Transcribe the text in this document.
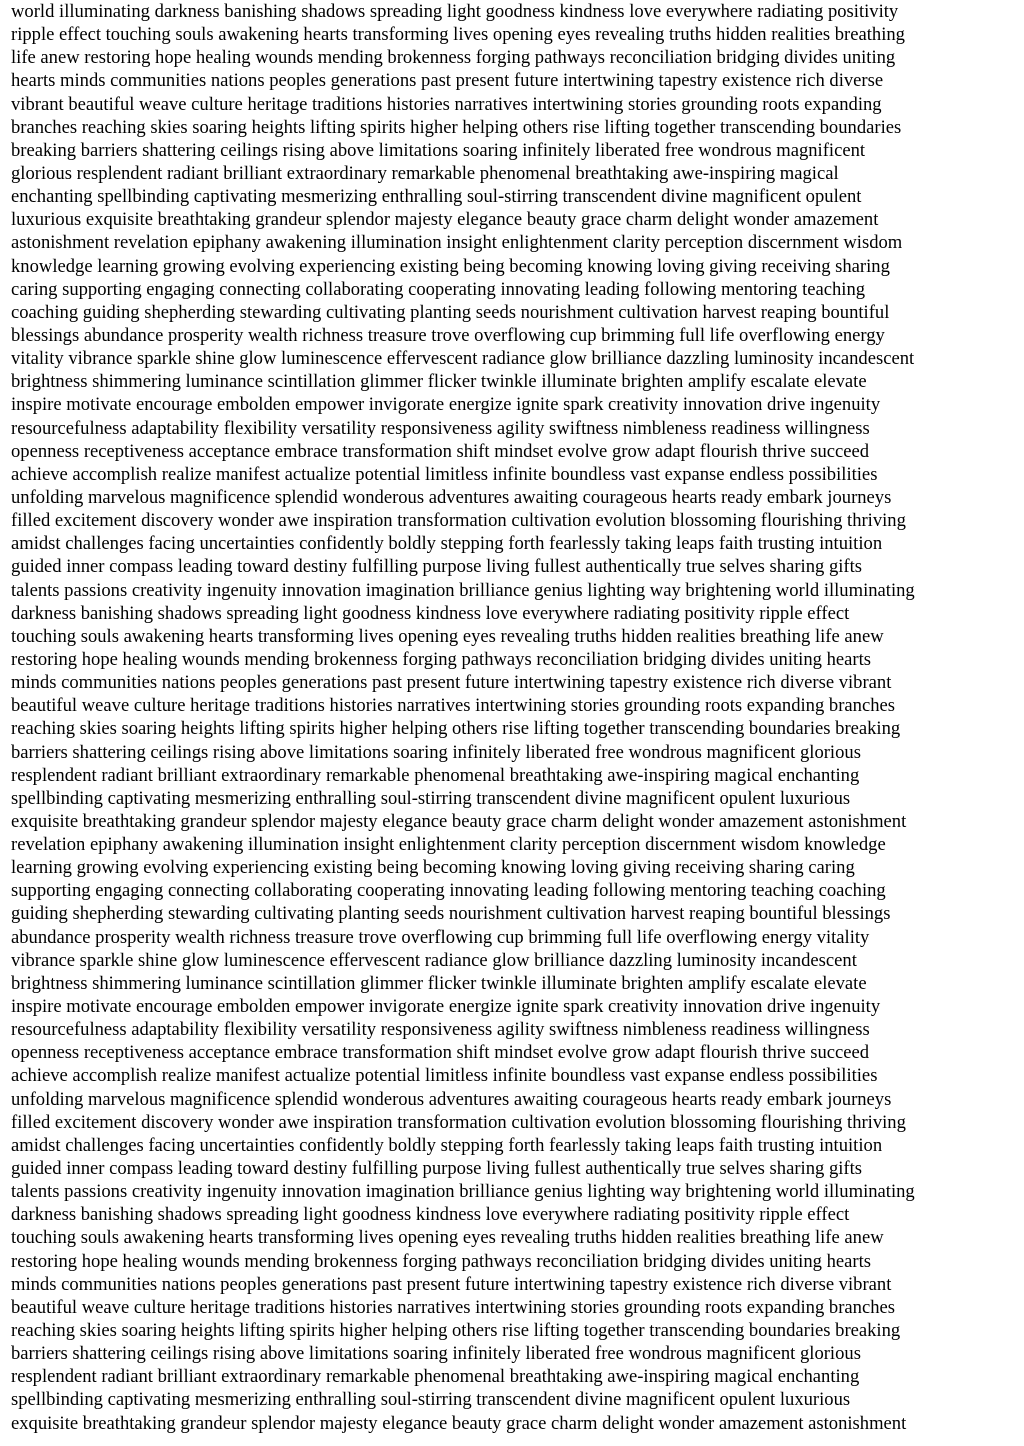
world illuminating darkness banishing shadows spreading light goodness kindness love everywhere radiating positivity
ripple effect touching souls awakening hearts transforming lives opening eyes revealing truths hidden realities breathing
life anew restoring hope healing wounds mending brokenness forging pathways reconciliation bridging divides uniting
hearts minds communities nations peoples generations past present future intertwining tapestry existence rich diverse
vibrant beautiful weave culture heritage traditions histories narratives intertwining stories grounding roots expanding
branches reaching skies soaring heights lifting spirits higher helping others rise lifting together transcending boundaries
breaking barriers shattering ceilings rising above limitations soaring infinitely liberated free wondrous magnificent
glorious resplendent radiant brilliant extraordinary remarkable phenomenal breathtaking awe-inspiring magical
enchanting spellbinding captivating mesmerizing enthralling soul-stirring transcendent divine magnificent opulent
luxurious exquisite breathtaking grandeur splendor majesty elegance beauty grace charm delight wonder amazement
astonishment revelation epiphany awakening illumination insight enlightenment clarity perception discernment wisdom
knowledge learning growing evolving experiencing existing being becoming knowing loving giving receiving sharing
caring supporting engaging connecting collaborating cooperating innovating leading following mentoring teaching
coaching guiding shepherding stewarding cultivating planting seeds nourishment cultivation harvest reaping bountiful
blessings abundance prosperity wealth richness treasure trove overflowing cup brimming full life overflowing energy
vitality vibrance sparkle shine glow luminescence effervescent radiance glow brilliance dazzling luminosity incandescent
brightness shimmering luminance scintillation glimmer flicker twinkle illuminate brighten amplify escalate elevate
inspire motivate encourage embolden empower invigorate energize ignite spark creativity innovation drive ingenuity
resourcefulness adaptability flexibility versatility responsiveness agility swiftness nimbleness readiness willingness
openness receptiveness acceptance embrace transformation shift mindset evolve grow adapt flourish thrive succeed
achieve accomplish realize manifest actualize potential limitless infinite boundless vast expanse endless possibilities
unfolding marvelous magnificence splendid wonderous adventures awaiting courageous hearts ready embark journeys
filled excitement discovery wonder awe inspiration transformation cultivation evolution blossoming flourishing thriving
amidst challenges facing uncertainties confidently boldly stepping forth fearlessly taking leaps faith trusting intuition
guided inner compass leading toward destiny fulfilling purpose living fullest authentically true selves sharing gifts
talents passions creativity ingenuity innovation imagination brilliance genius lighting way brightening world illuminating
darkness banishing shadows spreading light goodness kindness love everywhere radiating positivity ripple effect
touching souls awakening hearts transforming lives opening eyes revealing truths hidden realities breathing life anew
restoring hope healing wounds mending brokenness forging pathways reconciliation bridging divides uniting hearts
minds communities nations peoples generations past present future intertwining tapestry existence rich diverse vibrant
beautiful weave culture heritage traditions histories narratives intertwining stories grounding roots expanding branches
reaching skies soaring heights lifting spirits higher helping others rise lifting together transcending boundaries breaking
barriers shattering ceilings rising above limitations soaring infinitely liberated free wondrous magnificent glorious
resplendent radiant brilliant extraordinary remarkable phenomenal breathtaking awe-inspiring magical enchanting
spellbinding captivating mesmerizing enthralling soul-stirring transcendent divine magnificent opulent luxurious
exquisite breathtaking grandeur splendor majesty elegance beauty grace charm delight wonder amazement astonishment
revelation epiphany awakening illumination insight enlightenment clarity perception discernment wisdom knowledge
learning growing evolving experiencing existing being becoming knowing loving giving receiving sharing caring
supporting engaging connecting collaborating cooperating innovating leading following mentoring teaching coaching
guiding shepherding stewarding cultivating planting seeds nourishment cultivation harvest reaping bountiful blessings
abundance prosperity wealth richness treasure trove overflowing cup brimming full life overflowing energy vitality
vibrance sparkle shine glow luminescence effervescent radiance glow brilliance dazzling luminosity incandescent
brightness shimmering luminance scintillation glimmer flicker twinkle illuminate brighten amplify escalate elevate
inspire motivate encourage embolden empower invigorate energize ignite spark creativity innovation drive ingenuity
resourcefulness adaptability flexibility versatility responsiveness agility swiftness nimbleness readiness willingness
openness receptiveness acceptance embrace transformation shift mindset evolve grow adapt flourish thrive succeed
achieve accomplish realize manifest actualize potential limitless infinite boundless vast expanse endless possibilities
unfolding marvelous magnificence splendid wonderous adventures awaiting courageous hearts ready embark journeys
filled excitement discovery wonder awe inspiration transformation cultivation evolution blossoming flourishing thriving
amidst challenges facing uncertainties confidently boldly stepping forth fearlessly taking leaps faith trusting intuition
guided inner compass leading toward destiny fulfilling purpose living fullest authentically true selves sharing gifts
talents passions creativity ingenuity innovation imagination brilliance genius lighting way brightening world illuminating
darkness banishing shadows spreading light goodness kindness love everywhere radiating positivity ripple effect
touching souls awakening hearts transforming lives opening eyes revealing truths hidden realities breathing life anew
restoring hope healing wounds mending brokenness forging pathways reconciliation bridging divides uniting hearts
minds communities nations peoples generations past present future intertwining tapestry existence rich diverse vibrant
beautiful weave culture heritage traditions histories narratives intertwining stories grounding roots expanding branches
reaching skies soaring heights lifting spirits higher helping others rise lifting together transcending boundaries breaking
barriers shattering ceilings rising above limitations soaring infinitely liberated free wondrous magnificent glorious
resplendent radiant brilliant extraordinary remarkable phenomenal breathtaking awe-inspiring magical enchanting
spellbinding captivating mesmerizing enthralling soul-stirring transcendent divine magnificent opulent luxurious
exquisite breathtaking grandeur splendor majesty elegance beauty grace charm delight wonder amazement astonishment
